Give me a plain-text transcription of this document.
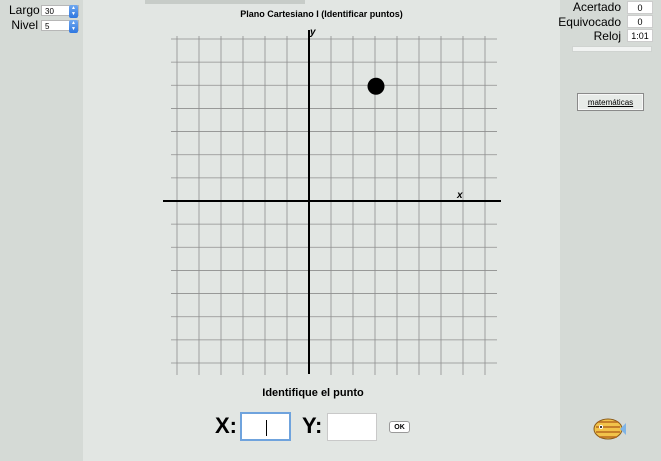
Largo 30	▲
▼
Nivel 5	▲
▼
Acertado	0
Equivocado	0
Reloj	1:01
matemáticas
Plano Cartesiano I (Identificar puntos)
x
y
Identifique el punto
X:	Y:	OK
